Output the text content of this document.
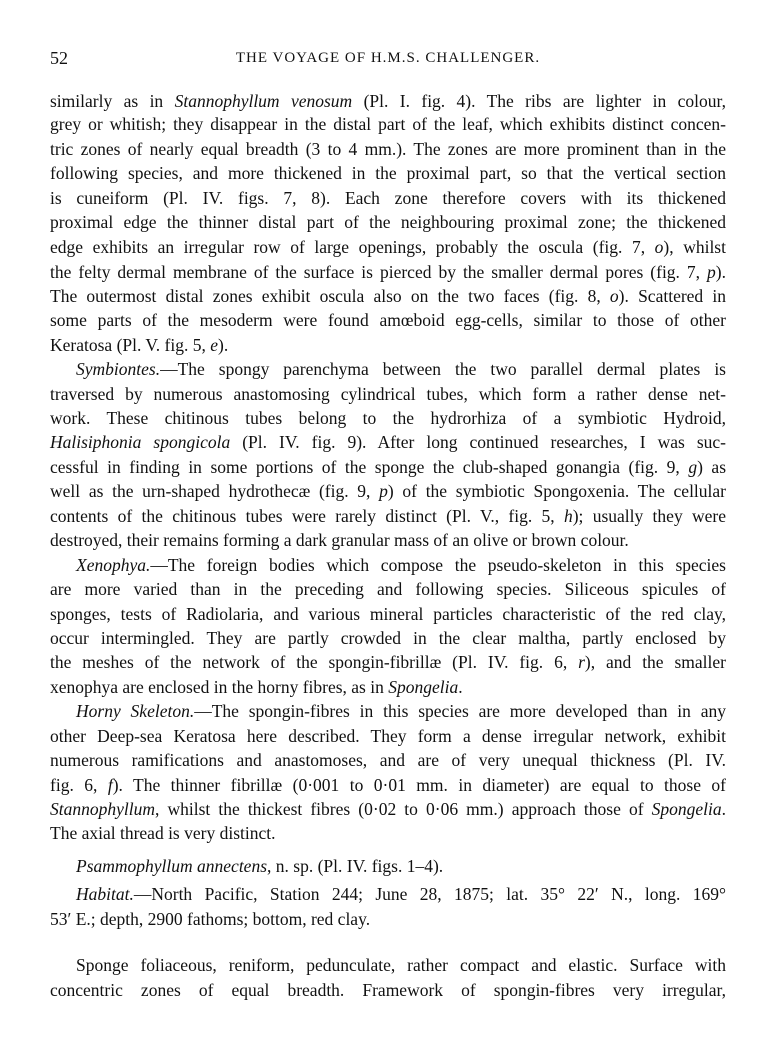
52	THE VOYAGE OF H.M.S. CHALLENGER.
similarly as in Stannophyllum venosum (Pl. I. fig. 4). The ribs are lighter in colour,
grey or whitish; they disappear in the distal part of the leaf, which exhibits distinct concen-
tric zones of nearly equal breadth (3 to 4 mm.). The zones are more prominent than in the
following species, and more thickened in the proximal part, so that the vertical section
is cuneiform (Pl. IV. figs. 7, 8). Each zone therefore covers with its thickened
proximal edge the thinner distal part of the neighbouring proximal zone; the thickened
edge exhibits an irregular row of large openings, probably the oscula (fig. 7, o), whilst
the felty dermal membrane of the surface is pierced by the smaller dermal pores (fig. 7, p).
The outermost distal zones exhibit oscula also on the two faces (fig. 8, o). Scattered in
some parts of the mesoderm were found amœboid egg-cells, similar to those of other
Keratosa (Pl. V. fig. 5, e).
Symbiontes.—The spongy parenchyma between the two parallel dermal plates is
traversed by numerous anastomosing cylindrical tubes, which form a rather dense net-
work. These chitinous tubes belong to the hydrorhiza of a symbiotic Hydroid,
Halisiphonia spongicola (Pl. IV. fig. 9). After long continued researches, I was suc-
cessful in finding in some portions of the sponge the club-shaped gonangia (fig. 9, g) as
well as the urn-shaped hydrothecæ (fig. 9, p) of the symbiotic Spongoxenia. The cellular
contents of the chitinous tubes were rarely distinct (Pl. V., fig. 5, h); usually they were
destroyed, their remains forming a dark granular mass of an olive or brown colour.
Xenophya.—The foreign bodies which compose the pseudo-skeleton in this species
are more varied than in the preceding and following species. Siliceous spicules of
sponges, tests of Radiolaria, and various mineral particles characteristic of the red clay,
occur intermingled. They are partly crowded in the clear maltha, partly enclosed by
the meshes of the network of the spongin-fibrillæ (Pl. IV. fig. 6, r), and the smaller
xenophya are enclosed in the horny fibres, as in Spongelia.
Horny Skeleton.—The spongin-fibres in this species are more developed than in any
other Deep-sea Keratosa here described. They form a dense irregular network, exhibit
numerous ramifications and anastomoses, and are of very unequal thickness (Pl. IV.
fig. 6, f). The thinner fibrillæ (0·001 to 0·01 mm. in diameter) are equal to those of
Stannophyllum, whilst the thickest fibres (0·02 to 0·06 mm.) approach those of Spongelia.
The axial thread is very distinct.
Psammophyllum annectens, n. sp. (Pl. IV. figs. 1–4).
Habitat.—North Pacific, Station 244; June 28, 1875; lat. 35° 22′ N., long. 169°
53′ E.; depth, 2900 fathoms; bottom, red clay.
Sponge foliaceous, reniform, pedunculate, rather compact and elastic. Surface with
concentric zones of equal breadth. Framework of spongin-fibres very irregular,
